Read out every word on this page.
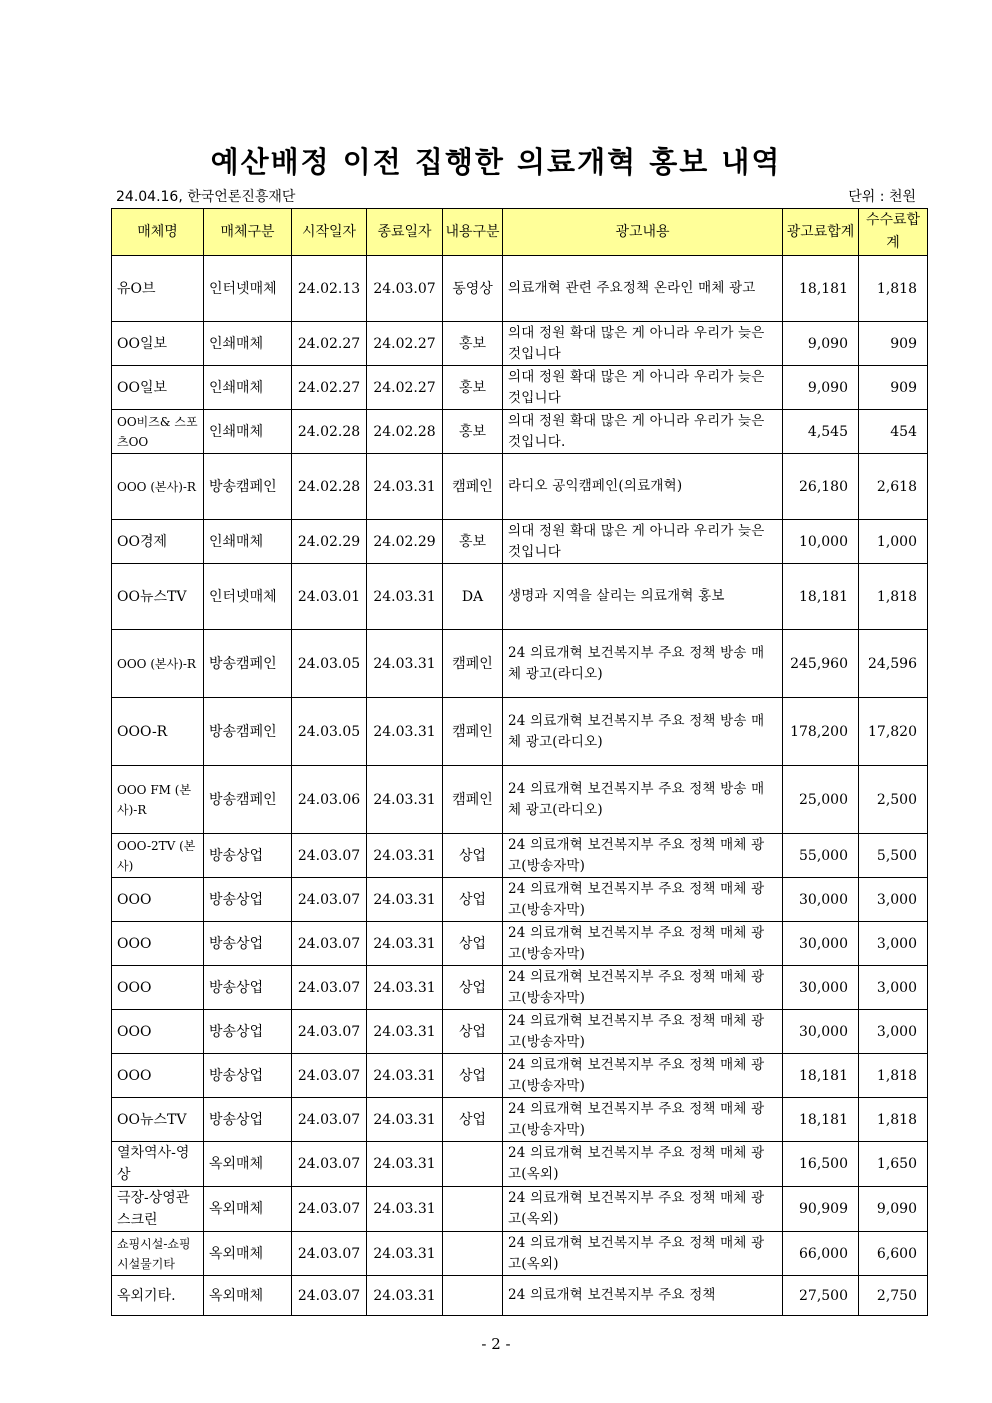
예산배정 이전 집행한 의료개혁 홍보 내역
24.04.16, 한국언론진흥재단	단위 : 천원
매체명	매체구분	시작일자	종료일자	내용구분	광고내용	광고료합계	수수료합계
유O브	인터넷매체	24.02.13	24.03.07	동영상	의료개혁 관련 주요정책 온라인 매체 광고	18,181	1,818
OO일보	인쇄매체	24.02.27	24.02.27	홍보	의대 정원 확대 많은 게 아니라 우리가 늦은 것입니다	9,090	909
OO일보	인쇄매체	24.02.27	24.02.27	홍보	의대 정원 확대 많은 게 아니라 우리가 늦은 것입니다	9,090	909
OO비즈& 스포츠OO	인쇄매체	24.02.28	24.02.28	홍보	의대 정원 확대 많은 게 아니라 우리가 늦은 것입니다.	4,545	454
OOO (본사)-R	방송캠페인	24.02.28	24.03.31	캠페인	라디오 공익캠페인(의료개혁)	26,180	2,618
OO경제	인쇄매체	24.02.29	24.02.29	홍보	의대 정원 확대 많은 게 아니라 우리가 늦은 것입니다	10,000	1,000
OO뉴스TV	인터넷매체	24.03.01	24.03.31	DA	생명과 지역을 살리는 의료개혁 홍보	18,181	1,818
OOO (본사)-R	방송캠페인	24.03.05	24.03.31	캠페인	24 의료개혁 보건복지부 주요 정책 방송 매체 광고(라디오)	245,960	24,596
OOO-R	방송캠페인	24.03.05	24.03.31	캠페인	24 의료개혁 보건복지부 주요 정책 방송 매체 광고(라디오)	178,200	17,820
OOO FM (본사)-R	방송캠페인	24.03.06	24.03.31	캠페인	24 의료개혁 보건복지부 주요 정책 방송 매체 광고(라디오)	25,000	2,500
OOO-2TV (본사)	방송상업	24.03.07	24.03.31	상업	24 의료개혁 보건복지부 주요 정책 매체 광고(방송자막)	55,000	5,500
OOO	방송상업	24.03.07	24.03.31	상업	24 의료개혁 보건복지부 주요 정책 매체 광고(방송자막)	30,000	3,000
OOO	방송상업	24.03.07	24.03.31	상업	24 의료개혁 보건복지부 주요 정책 매체 광고(방송자막)	30,000	3,000
OOO	방송상업	24.03.07	24.03.31	상업	24 의료개혁 보건복지부 주요 정책 매체 광고(방송자막)	30,000	3,000
OOO	방송상업	24.03.07	24.03.31	상업	24 의료개혁 보건복지부 주요 정책 매체 광고(방송자막)	30,000	3,000
OOO	방송상업	24.03.07	24.03.31	상업	24 의료개혁 보건복지부 주요 정책 매체 광고(방송자막)	18,181	1,818
OO뉴스TV	방송상업	24.03.07	24.03.31	상업	24 의료개혁 보건복지부 주요 정책 매체 광고(방송자막)	18,181	1,818
열차역사-영상	옥외매체	24.03.07	24.03.31		24 의료개혁 보건복지부 주요 정책 매체 광고(옥외)	16,500	1,650
극장-상영관스크린	옥외매체	24.03.07	24.03.31		24 의료개혁 보건복지부 주요 정책 매체 광고(옥외)	90,909	9,090
쇼핑시설-쇼핑시설물기타	옥외매체	24.03.07	24.03.31		24 의료개혁 보건복지부 주요 정책 매체 광고(옥외)	66,000	6,600
옥외기타.	옥외매체	24.03.07	24.03.31		24 의료개혁 보건복지부 주요 정책	27,500	2,750
- 2 -
